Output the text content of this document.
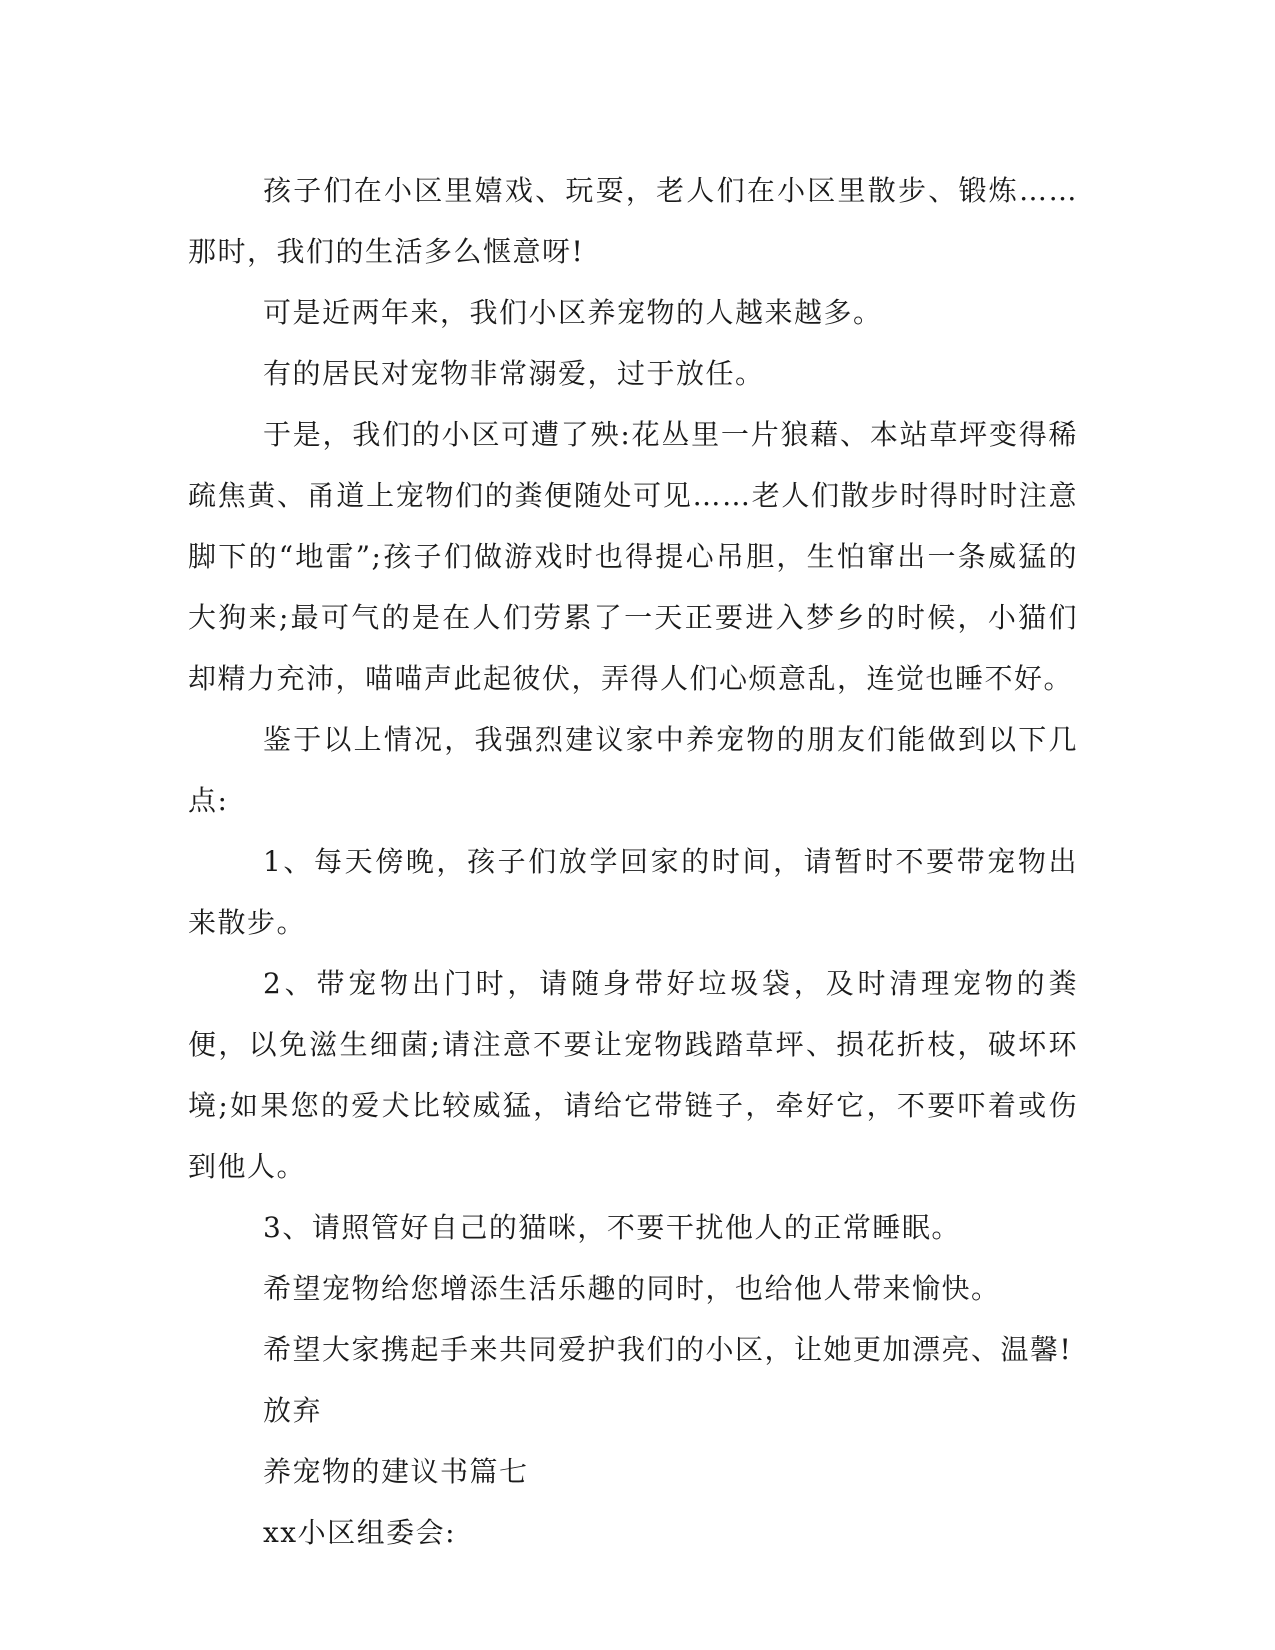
孩子们在小区里嬉戏、玩耍，老人们在小区里散步、锻炼……那时，我们的生活多么惬意呀!

可是近两年来，我们小区养宠物的人越来越多。

有的居民对宠物非常溺爱，过于放任。

于是，我们的小区可遭了殃:花丛里一片狼藉、本站草坪变得稀疏焦黄、甬道上宠物们的粪便随处可见……老人们散步时得时时注意脚下的“地雷”;孩子们做游戏时也得提心吊胆，生怕窜出一条威猛的大狗来;最可气的是在人们劳累了一天正要进入梦乡的时候，小猫们却精力充沛，喵喵声此起彼伏，弄得人们心烦意乱，连觉也睡不好。

鉴于以上情况，我强烈建议家中养宠物的朋友们能做到以下几点:

1、每天傍晚，孩子们放学回家的时间，请暂时不要带宠物出来散步。

2、带宠物出门时，请随身带好垃圾袋，及时清理宠物的粪便，以免滋生细菌;请注意不要让宠物践踏草坪、损花折枝，破坏环境;如果您的爱犬比较威猛，请给它带链子，牵好它，不要吓着或伤到他人。

3、请照管好自己的猫咪，不要干扰他人的正常睡眠。

希望宠物给您增添生活乐趣的同时，也给他人带来愉快。

希望大家携起手来共同爱护我们的小区，让她更加漂亮、温馨!

放弃

养宠物的建议书篇七

xx小区组委会:
